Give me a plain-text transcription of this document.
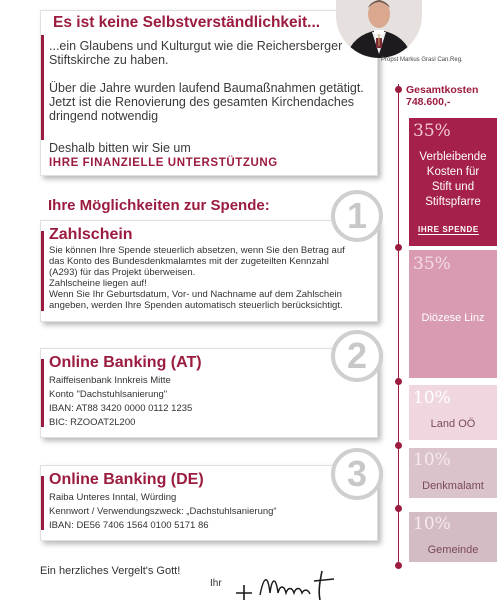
Es ist keine Selbstverständlichkeit...
...ein Glaubens und Kulturgut wie die Reichersberger
Stiftskirche zu haben.
Über die Jahre wurden laufend Baumaßnahmen getätigt.
Jetzt ist die Renovierung des gesamten Kirchendaches
dringend notwendig
Deshalb bitten wir Sie um
IHRE FINANZIELLE UNTERSTÜTZUNG
Propst Markus Grasl Can.Reg.
Ihre Möglichkeiten zur Spende:
Zahlschein
Sie können Ihre Spende steuerlich absetzen, wenn Sie den Betrag auf
das Konto des Bundesdenkmalamtes mit der zugeteilten Kennzahl
(A293) für das Projekt überweisen.
Zahlscheine liegen auf!
Wenn Sie Ihr Geburtsdatum, Vor- und Nachname auf dem Zahlschein
angeben, werden Ihre Spenden automatisch steuerlich berücksichtigt.
Online Banking (AT)
Raiffeisenbank Innkreis Mitte
Konto "Dachstuhlsanierung"
IBAN: AT88 3420 0000 0112 1235
BIC: RZOOAT2L200
Online Banking (DE)
Raiba Unteres Inntal, Würding
Kennwort / Verwendungszweck: „Dachstuhlsanierung“
IBAN: DE56 7406 1564 0100 5171 86
1
2
3
Ein herzliches Vergelt's Gott!
Ihr
Gesamtkosten
748.600,-
35%
Verbleibende
Kosten für
Stift und
Stiftspfarre
IHRE SPENDE
35%
Diözese Linz
10%
Land OÖ
10%
Denkmalamt
10%
Gemeinde
